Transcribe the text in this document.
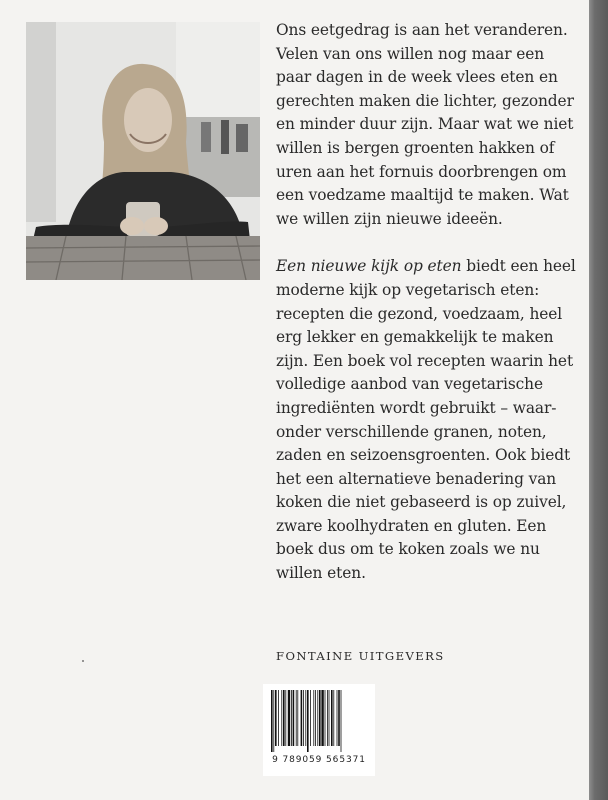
Ons eetgedrag is aan het veranderen.
Velen van ons willen nog maar een
paar dagen in de week vlees eten en
gerechten maken die lichter, gezonder
en minder duur zijn. Maar wat we niet
willen is bergen groenten hakken of
uren aan het fornuis doorbrengen om
een voedzame maaltijd te maken. Wat
we willen zijn nieuwe ideeën.

Een nieuwe kijk op eten biedt een heel
moderne kijk op vegetarisch eten:
recepten die gezond, voedzaam, heel
erg lekker en gemakkelijk te maken
zijn. Een boek vol recepten waarin het
volledige aanbod van vegetarische
ingrediënten wordt gebruikt – waar-
onder verschillende granen, noten,
zaden en seizoensgroenten. Ook biedt
het een alternatieve benadering van
koken die niet gebaseerd is op zuivel,
zware koolhydraten en gluten. Een
boek dus om te koken zoals we nu
willen eten.

FONTAINE UITGEVERS
9 789059 565371
